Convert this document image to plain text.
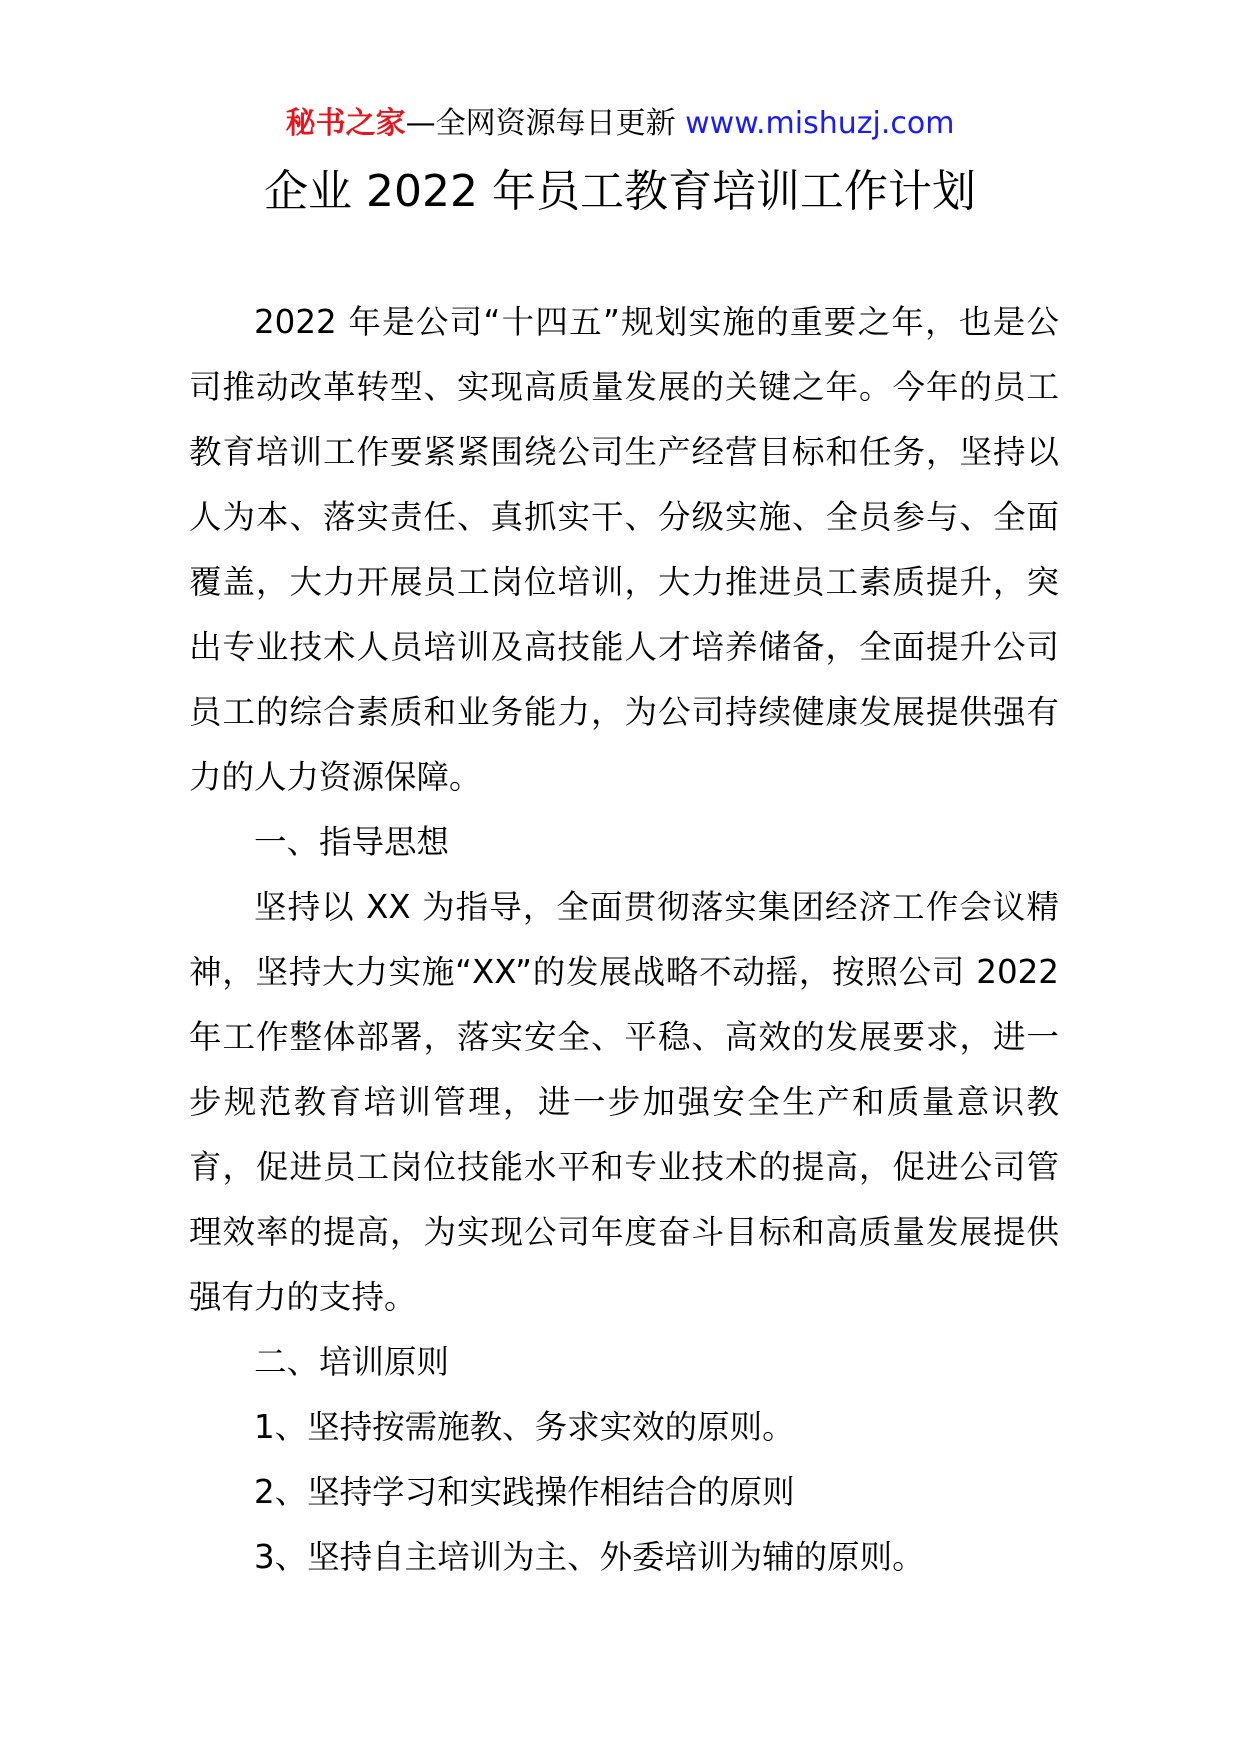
秘书之家—全网资源每日更新 www.mishuzj.com
企业 2022 年员工教育培训工作计划

2022 年是公司“十四五”规划实施的重要之年，也是公司推动改革转型、实现高质量发展的关键之年。今年的员工教育培训工作要紧紧围绕公司生产经营目标和任务，坚持以人为本、落实责任、真抓实干、分级实施、全员参与、全面覆盖，大力开展员工岗位培训，大力推进员工素质提升，突出专业技术人员培训及高技能人才培养储备，全面提升公司员工的综合素质和业务能力，为公司持续健康发展提供强有力的人力资源保障。

一、指导思想

坚持以 XX 为指导，全面贯彻落实集团经济工作会议精神，坚持大力实施“XX”的发展战略不动摇，按照公司 2022 年工作整体部署，落实安全、平稳、高效的发展要求，进一步规范教育培训管理，进一步加强安全生产和质量意识教育，促进员工岗位技能水平和专业技术的提高，促进公司管理效率的提高，为实现公司年度奋斗目标和高质量发展提供强有力的支持。

二、培训原则

1、坚持按需施教、务求实效的原则。

2、坚持学习和实践操作相结合的原则

3、坚持自主培训为主、外委培训为辅的原则。
